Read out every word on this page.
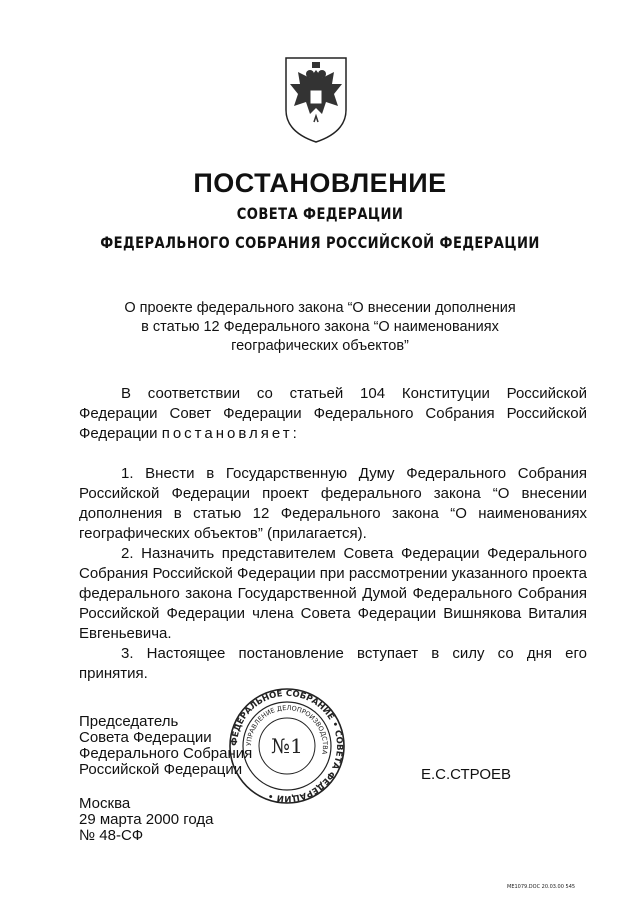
ПОСТАНОВЛЕНИЕ
СОВЕТА ФЕДЕРАЦИИ
ФЕДЕРАЛЬНОГО СОБРАНИЯ РОССИЙСКОЙ ФЕДЕРАЦИИ
О проекте федерального закона “О внесении дополнения
в статью 12 Федерального закона “О наименованиях
географических объектов”

В соответствии со статьей 104 Конституции Российской Федерации Совет Федерации Федерального Собрания Российской Федерации постановляет:

1. Внести в Государственную Думу Федерального Собрания Российской Федерации проект федерального закона “О внесении дополнения в статью 12 Федерального закона “О наименованиях географических объектов” (прилагается).

2. Назначить представителем Совета Федерации Федерального Собрания Российской Федерации при рассмотрении указанного проекта федерального закона Государственной Думой Федерального Собрания Российской Федерации члена Совета Федерации Вишнякова Виталия Евгеньевича.

3. Настоящее постановление вступает в силу со дня его принятия.

Председатель
Совета Федерации
Федерального Собрания
Российской Федерации
ФЕДЕРАЛЬНОЕ СОБРАНИЕ • СОВЕТА ФЕДЕРАЦИИ •
УПРАВЛЕНИЕ ДЕЛОПРОИЗВОДСТВА
№1
Е.С.СТРОЕВ
Москва
29 марта 2000 года
№ 48-СФ
ME1079.DOC 20.03.00 545
